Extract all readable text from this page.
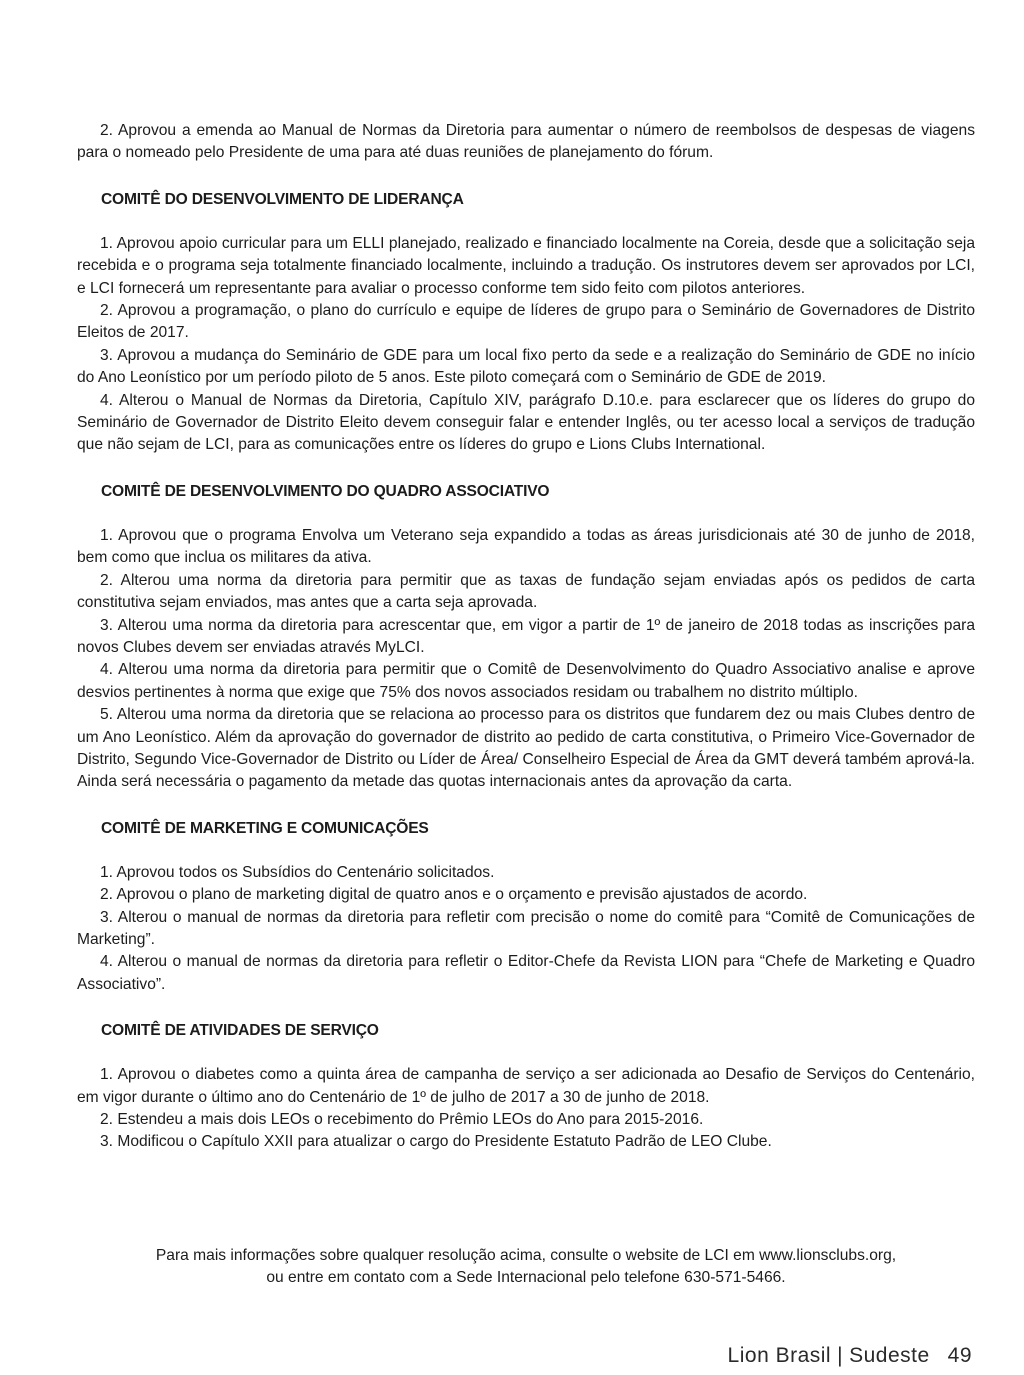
2. Aprovou a emenda ao Manual de Normas da Diretoria para aumentar o número de reembolsos de despesas de viagens para o nomeado pelo Presidente de uma para até duas reuniões de planejamento do fórum.

COMITÊ DO DESENVOLVIMENTO DE LIDERANÇA

1. Aprovou apoio curricular para um ELLI planejado, realizado e financiado localmente na Coreia, desde que a solicitação seja recebida e o programa seja totalmente financiado localmente, incluindo a tradução. Os instrutores devem ser aprovados por LCI, e LCI fornecerá um representante para avaliar o processo conforme tem sido feito com pilotos anteriores.

2. Aprovou a programação, o plano do currículo e equipe de líderes de grupo para o Seminário de Governadores de Distrito Eleitos de 2017.

3. Aprovou a mudança do Seminário de GDE para um local fixo perto da sede e a realização do Seminário de GDE no início do Ano Leonístico por um período piloto de 5 anos. Este piloto começará com o Seminário de GDE de 2019.

4. Alterou o Manual de Normas da Diretoria, Capítulo XIV, parágrafo D.10.e. para esclarecer que os líderes do grupo do Seminário de Governador de Distrito Eleito devem conseguir falar e entender Inglês, ou ter acesso local a serviços de tradução que não sejam de LCI, para as comunicações entre os líderes do grupo e Lions Clubs International.

COMITÊ DE DESENVOLVIMENTO DO QUADRO ASSOCIATIVO

1. Aprovou que o programa Envolva um Veterano seja expandido a todas as áreas jurisdicionais até 30 de junho de 2018, bem como que inclua os militares da ativa.

2. Alterou uma norma da diretoria para permitir que as taxas de fundação sejam enviadas após os pedidos de carta constitutiva sejam enviados, mas antes que a carta seja aprovada.

3. Alterou uma norma da diretoria para acrescentar que, em vigor a partir de 1º de janeiro de 2018 todas as inscrições para novos Clubes devem ser enviadas através MyLCI.

4. Alterou uma norma da diretoria para permitir que o Comitê de Desenvolvimento do Quadro Associativo analise e aprove desvios pertinentes à norma que exige que 75% dos novos associados residam ou trabalhem no distrito múltiplo.

5. Alterou uma norma da diretoria que se relaciona ao processo para os distritos que fundarem dez ou mais Clubes dentro de um Ano Leonístico. Além da aprovação do governador de distrito ao pedido de carta constitutiva, o Primeiro Vice-Governador de Distrito, Segundo Vice-Governador de Distrito ou Líder de Área/ Conselheiro Especial de Área da GMT deverá também aprová-la. Ainda será necessária o pagamento da metade das quotas internacionais antes da aprovação da carta.

COMITÊ DE MARKETING E COMUNICAÇÕES

1. Aprovou todos os Subsídios do Centenário solicitados.

2. Aprovou o plano de marketing digital de quatro anos e o orçamento e previsão ajustados de acordo.

3. Alterou o manual de normas da diretoria para refletir com precisão o nome do comitê para “Comitê de Comunicações de Marketing”.

4. Alterou o manual de normas da diretoria para refletir o Editor-Chefe da Revista LION para “Chefe de Marketing e Quadro Associativo”.

COMITÊ DE ATIVIDADES DE SERVIÇO

1. Aprovou o diabetes como a quinta área de campanha de serviço a ser adicionada ao Desafio de Serviços do Centenário, em vigor durante o último ano do Centenário de 1º de julho de 2017 a 30 de junho de 2018.

2. Estendeu a mais dois LEOs o recebimento do Prêmio LEOs do Ano para 2015-2016.

3. Modificou o Capítulo XXII para atualizar o cargo do Presidente Estatuto Padrão de LEO Clube.

Para mais informações sobre qualquer resolução acima, consulte o website de LCI em www.lionsclubs.org,

ou entre em contato com a Sede Internacional pelo telefone 630-571-5466.

Lion Brasil | Sudeste 49
